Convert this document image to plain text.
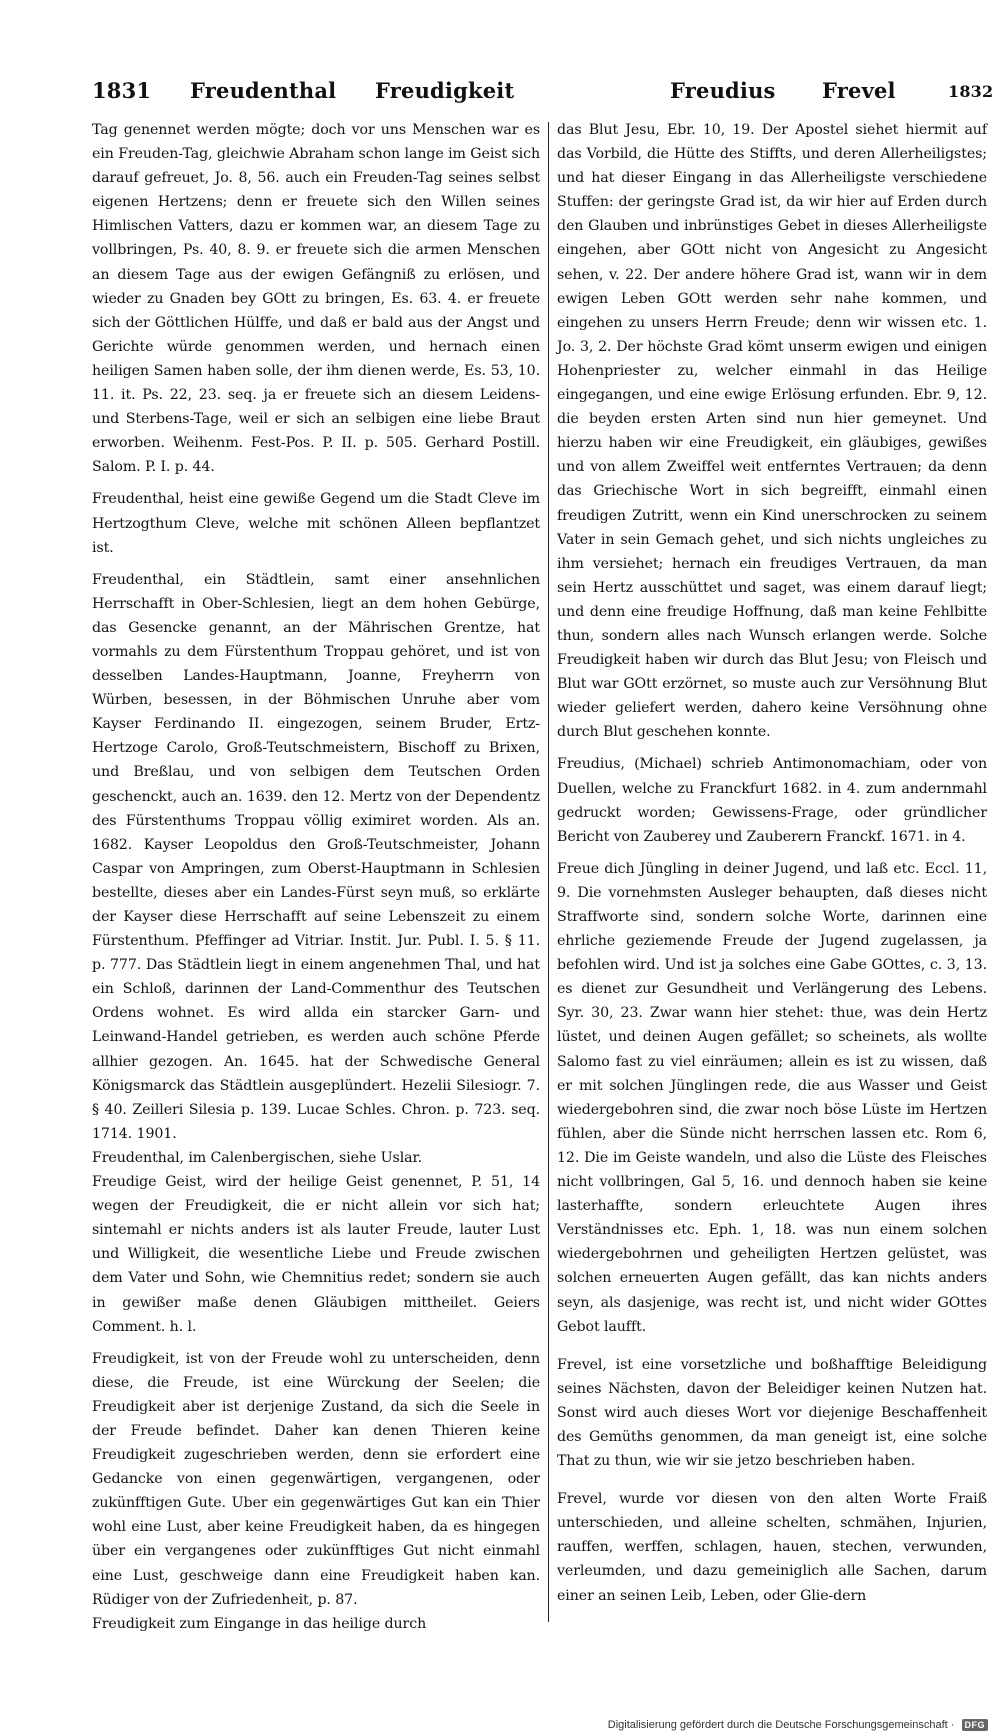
1831 Freudenthal Freudigkeit	Freudius Frevel	1832

Tag genennet werden mögte; doch vor uns Menschen war es ein Freuden-Tag, gleichwie Abraham schon lange im Geist sich darauf gefreuet, Jo. 8, 56. auch ein Freuden-Tag seines selbst eigenen Hertzens; denn er freuete sich den Willen seines Himlischen Vatters, dazu er kommen war, an diesem Tage zu vollbringen, Ps. 40, 8. 9. er freuete sich die armen Menschen an diesem Tage aus der ewigen Gefängniß zu erlösen, und wieder zu Gnaden bey GOtt zu bringen, Es. 63. 4. er freuete sich der Göttlichen Hülffe, und daß er bald aus der Angst und Gerichte würde genommen werden, und hernach einen heiligen Samen haben solle, der ihm dienen werde, Es. 53, 10. 11. it. Ps. 22, 23. seq. ja er freuete sich an diesem Leidens- und Sterbens-Tage, weil er sich an selbigen eine liebe Braut erworben. Weihenm. Fest-Pos. P. II. p. 505. Gerhard Postill. Salom. P. I. p. 44.

Freudenthal, heist eine gewiße Gegend um die Stadt Cleve im Hertzogthum Cleve, welche mit schönen Alleen bepflantzet ist.

Freudenthal, ein Städtlein, samt einer ansehnlichen Herrschafft in Ober-Schlesien, liegt an dem hohen Gebürge, das Gesencke genannt, an der Mährischen Grentze, hat vormahls zu dem Fürstenthum Troppau gehöret, und ist von desselben Landes-Hauptmann, Joanne, Freyherrn von Würben, besessen, in der Böhmischen Unruhe aber vom Kayser Ferdinando II. eingezogen, seinem Bruder, Ertz-Hertzoge Carolo, Groß-Teutschmeistern, Bischoff zu Brixen, und Breßlau, und von selbigen dem Teutschen Orden geschenckt, auch an. 1639. den 12. Mertz von der Dependentz des Fürstenthums Troppau völlig eximiret worden. Als an. 1682. Kayser Leopoldus den Groß-Teutschmeister, Johann Caspar von Ampringen, zum Oberst-Hauptmann in Schlesien bestellte, dieses aber ein Landes-Fürst seyn muß, so erklärte der Kayser diese Herrschafft auf seine Lebenszeit zu einem Fürstenthum. Pfeffinger ad Vitriar. Instit. Jur. Publ. I. 5. § 11. p. 777. Das Städtlein liegt in einem angenehmen Thal, und hat ein Schloß, darinnen der Land-Commenthur des Teutschen Ordens wohnet. Es wird allda ein starcker Garn- und Leinwand-Handel getrieben, es werden auch schöne Pferde allhier gezogen. An. 1645. hat der Schwedische General Königsmarck das Städtlein ausgeplündert. Hezelii Silesiogr. 7. § 40. Zeilleri Silesia p. 139. Lucae Schles. Chron. p. 723. seq. 1714. 1901.

Freudenthal, im Calenbergischen, siehe Uslar.

Freudige Geist, wird der heilige Geist genennet, P. 51, 14 wegen der Freudigkeit, die er nicht allein vor sich hat; sintemahl er nichts anders ist als lauter Freude, lauter Lust und Willigkeit, die wesentliche Liebe und Freude zwischen dem Vater und Sohn, wie Chemnitius redet; sondern sie auch in gewißer maße denen Gläubigen mittheilet. Geiers Comment. h. l.

Freudigkeit, ist von der Freude wohl zu unterscheiden, denn diese, die Freude, ist eine Würckung der Seelen; die Freudigkeit aber ist derjenige Zustand, da sich die Seele in der Freude befindet. Daher kan denen Thieren keine Freudigkeit zugeschrieben werden, denn sie erfordert eine Gedancke von einen gegenwärtigen, vergangenen, oder zukünfftigen Gute. Uber ein gegenwärtiges Gut kan ein Thier wohl eine Lust, aber keine Freudigkeit haben, da es hingegen über ein vergangenes oder zukünfftiges Gut nicht einmahl eine Lust, geschweige dann eine Freudigkeit haben kan. Rüdiger von der Zufriedenheit, p. 87.

Freudigkeit zum Eingange in das heilige durch

das Blut Jesu, Ebr. 10, 19. Der Apostel siehet hiermit auf das Vorbild, die Hütte des Stiffts, und deren Allerheiligstes; und hat dieser Eingang in das Allerheiligste verschiedene Stuffen: der geringste Grad ist, da wir hier auf Erden durch den Glauben und inbrünstiges Gebet in dieses Allerheiligste eingehen, aber GOtt nicht von Angesicht zu Angesicht sehen, v. 22. Der andere höhere Grad ist, wann wir in dem ewigen Leben GOtt werden sehr nahe kommen, und eingehen zu unsers Herrn Freude; denn wir wissen etc. 1. Jo. 3, 2. Der höchste Grad kömt unserm ewigen und einigen Hohenpriester zu, welcher einmahl in das Heilige eingegangen, und eine ewige Erlösung erfunden. Ebr. 9, 12. die beyden ersten Arten sind nun hier gemeynet. Und hierzu haben wir eine Freudigkeit, ein gläubiges, gewißes und von allem Zweiffel weit entferntes Vertrauen; da denn das Griechische Wort in sich begreifft, einmahl einen freudigen Zutritt, wenn ein Kind unerschrocken zu seinem Vater in sein Gemach gehet, und sich nichts ungleiches zu ihm versiehet; hernach ein freudiges Vertrauen, da man sein Hertz ausschüttet und saget, was einem darauf liegt; und denn eine freudige Hoffnung, daß man keine Fehlbitte thun, sondern alles nach Wunsch erlangen werde. Solche Freudigkeit haben wir durch das Blut Jesu; von Fleisch und Blut war GOtt erzörnet, so muste auch zur Versöhnung Blut wieder geliefert werden, dahero keine Versöhnung ohne durch Blut geschehen konnte.

Freudius, (Michael) schrieb Antimonomachiam, oder von Duellen, welche zu Franckfurt 1682. in 4. zum andernmahl gedruckt worden; Gewissens-Frage, oder gründlicher Bericht von Zauberey und Zauberern Franckf. 1671. in 4.

Freue dich Jüngling in deiner Jugend, und laß etc. Eccl. 11, 9. Die vornehmsten Ausleger behaupten, daß dieses nicht Straffworte sind, sondern solche Worte, darinnen eine ehrliche geziemende Freude der Jugend zugelassen, ja befohlen wird. Und ist ja solches eine Gabe GOttes, c. 3, 13. es dienet zur Gesundheit und Verlängerung des Lebens. Syr. 30, 23. Zwar wann hier stehet: thue, was dein Hertz lüstet, und deinen Augen gefället; so scheinets, als wollte Salomo fast zu viel einräumen; allein es ist zu wissen, daß er mit solchen Jünglingen rede, die aus Wasser und Geist wiedergebohren sind, die zwar noch böse Lüste im Hertzen fühlen, aber die Sünde nicht herrschen lassen etc. Rom 6, 12. Die im Geiste wandeln, und also die Lüste des Fleisches nicht vollbringen, Gal 5, 16. und dennoch haben sie keine lasterhaffte, sondern erleuchtete Augen ihres Verständnisses etc. Eph. 1, 18. was nun einem solchen wiedergebohrnen und geheiligten Hertzen gelüstet, was solchen erneuerten Augen gefällt, das kan nichts anders seyn, als dasjenige, was recht ist, und nicht wider GOttes Gebot laufft.

Frevel, ist eine vorsetzliche und boßhafftige Beleidigung seines Nächsten, davon der Beleidiger keinen Nutzen hat. Sonst wird auch dieses Wort vor diejenige Beschaffenheit des Gemüths genommen, da man geneigt ist, eine solche That zu thun, wie wir sie jetzo beschrieben haben.

Frevel, wurde vor diesen von den alten Worte Fraiß unterschieden, und alleine schelten, schmähen, Injurien, rauffen, werffen, schlagen, hauen, stechen, verwunden, verleumden, und dazu gemeiniglich alle Sachen, darum einer an seinen Leib, Leben, oder Glie-dern

Digitalisierung gefördert durch die Deutsche Forschungsgemeinschaft · DFG
